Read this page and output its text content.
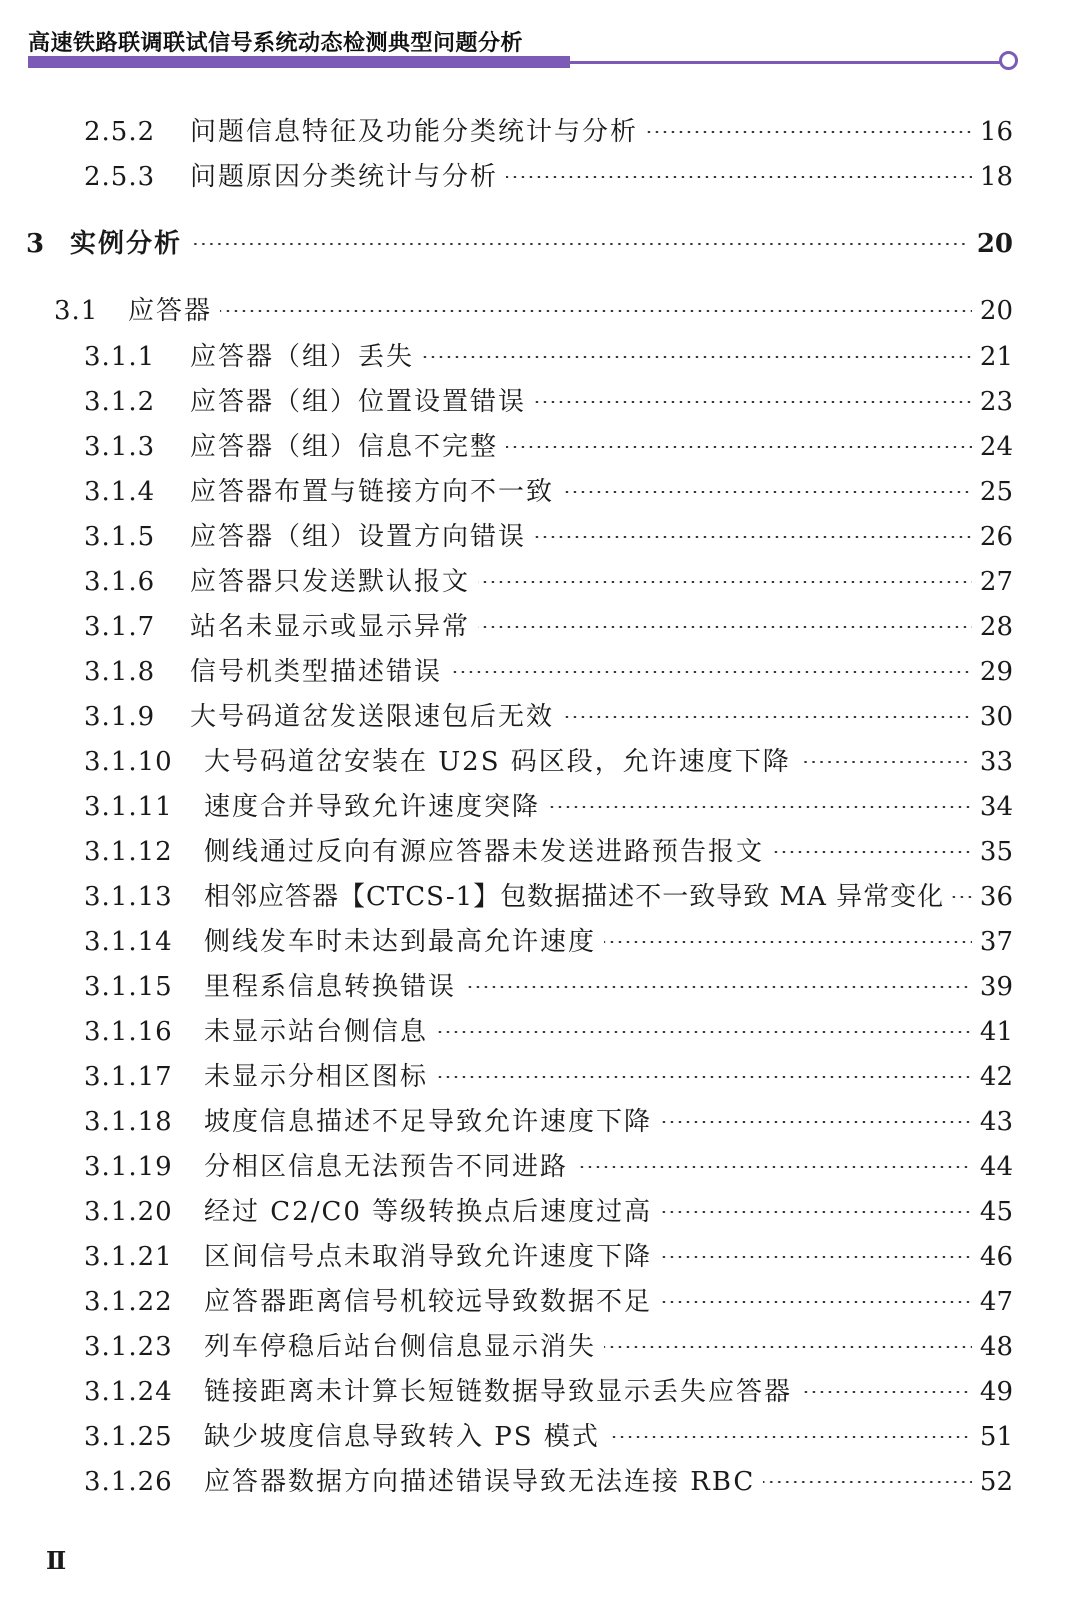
高速铁路联调联试信号系统动态检测典型问题分析
2.5.2	问题信息特征及功能分类统计与分析	16
2.5.3	问题原因分类统计与分析	18
3 实例分析	20
3.1	应答器	20
3.1.1	应答器（组）丢失	21
3.1.2	应答器（组）位置设置错误	23
3.1.3	应答器（组）信息不完整	24
3.1.4	应答器布置与链接方向不一致	25
3.1.5	应答器（组）设置方向错误	26
3.1.6	应答器只发送默认报文	27
3.1.7	站名未显示或显示异常	28
3.1.8	信号机类型描述错误	29
3.1.9	大号码道岔发送限速包后无效	30
3.1.10	大号码道岔安装在 U2S 码区段，允许速度下降	33
3.1.11	速度合并导致允许速度突降	34
3.1.12	侧线通过反向有源应答器未发送进路预告报文	35
3.1.13	相邻应答器【CTCS-1】包数据描述不一致导致 MA 异常变化 36
3.1.14	侧线发车时未达到最高允许速度	37
3.1.15	里程系信息转换错误	39
3.1.16	未显示站台侧信息	41
3.1.17	未显示分相区图标	42
3.1.18	坡度信息描述不足导致允许速度下降	43
3.1.19	分相区信息无法预告不同进路	44
3.1.20	经过 C2/C0 等级转换点后速度过高	45
3.1.21	区间信号点未取消导致允许速度下降	46
3.1.22	应答器距离信号机较远导致数据不足	47
3.1.23	列车停稳后站台侧信息显示消失	48
3.1.24	链接距离未计算长短链数据导致显示丢失应答器	49
3.1.25	缺少坡度信息导致转入 PS 模式	51
3.1.26	应答器数据方向描述错误导致无法连接 RBC	52
Ⅱ
